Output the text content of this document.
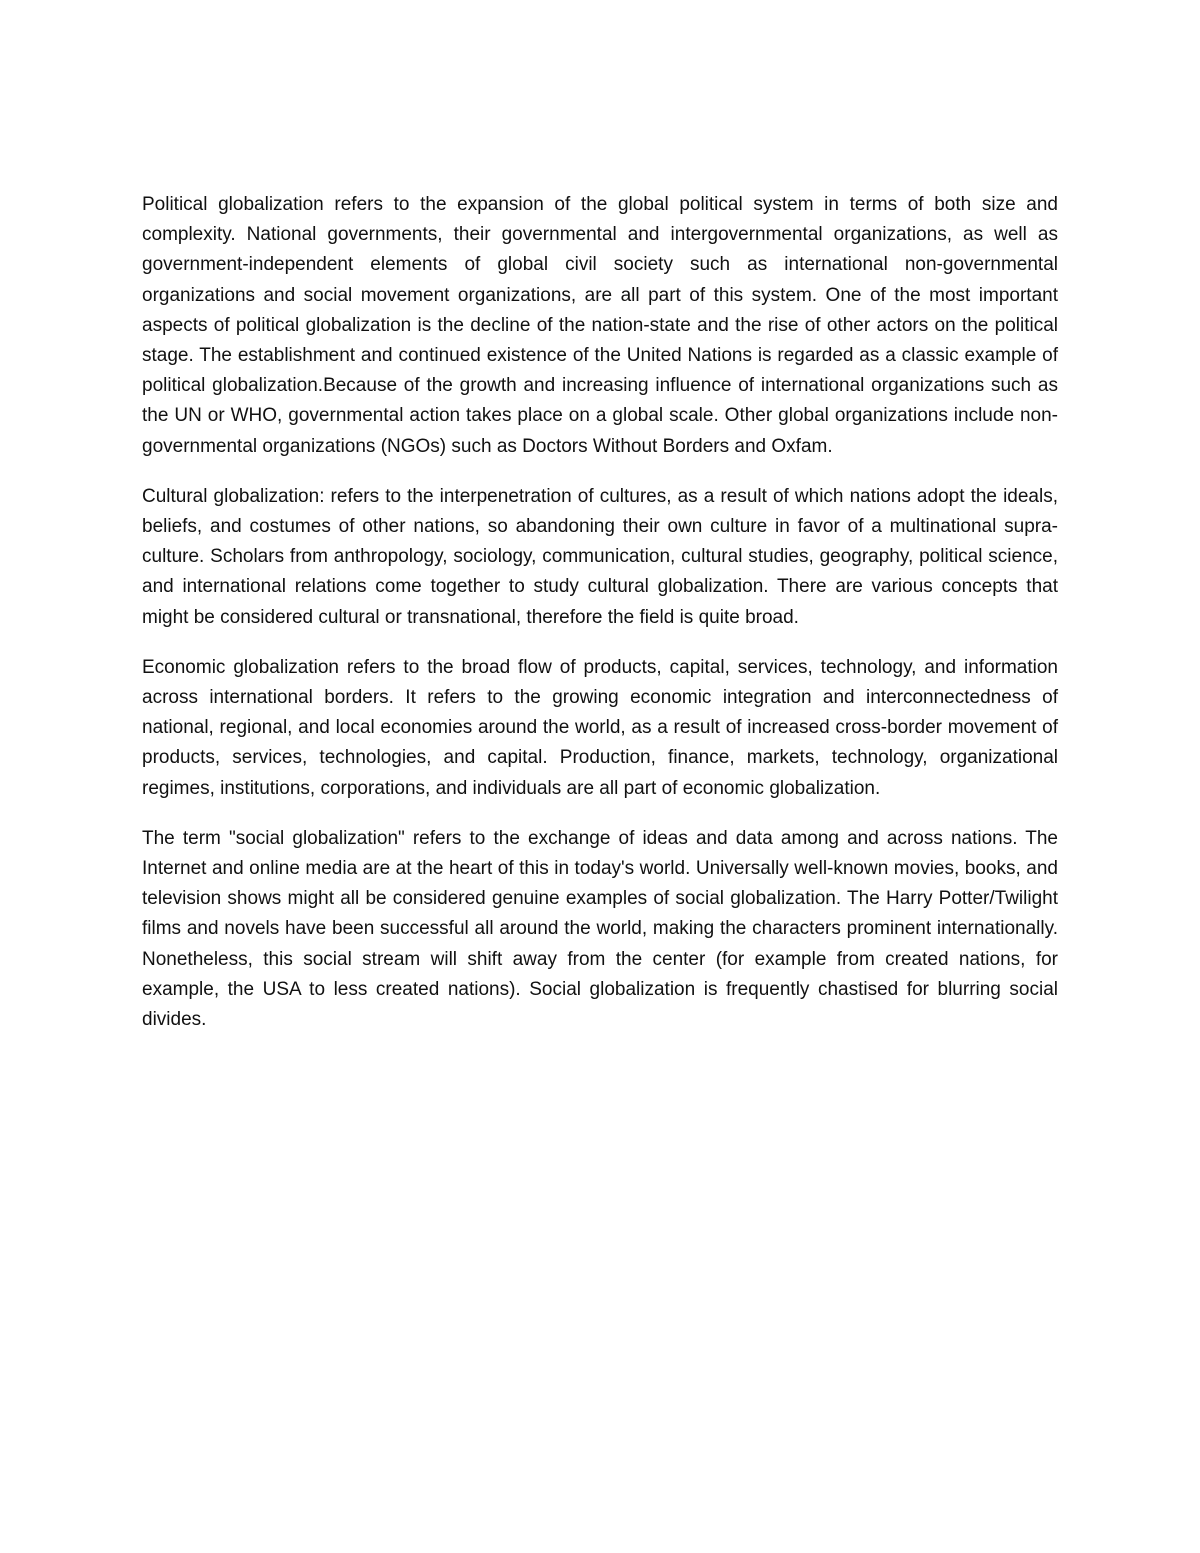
Political globalization refers to the expansion of the global political system in terms of both size and complexity. National governments, their governmental and intergovernmental organizations, as well as government-independent elements of global civil society such as international non-governmental organizations and social movement organizations, are all part of this system. One of the most important aspects of political globalization is the decline of the nation-state and the rise of other actors on the political stage. The establishment and continued existence of the United Nations is regarded as a classic example of political globalization.Because of the growth and increasing influence of international organizations such as the UN or WHO, governmental action takes place on a global scale. Other global organizations include non-governmental organizations (NGOs) such as Doctors Without Borders and Oxfam.

Cultural globalization: refers to the interpenetration of cultures, as a result of which nations adopt the ideals, beliefs, and costumes of other nations, so abandoning their own culture in favor of a multinational supra-culture. Scholars from anthropology, sociology, communication, cultural studies, geography, political science, and international relations come together to study cultural globalization. There are various concepts that might be considered cultural or transnational, therefore the field is quite broad.

Economic globalization refers to the broad flow of products, capital, services, technology, and information across international borders. It refers to the growing economic integration and interconnectedness of national, regional, and local economies around the world, as a result of increased cross-border movement of products, services, technologies, and capital. Production, finance, markets, technology, organizational regimes, institutions, corporations, and individuals are all part of economic globalization.

The term "social globalization" refers to the exchange of ideas and data among and across nations. The Internet and online media are at the heart of this in today's world. Universally well-known movies, books, and television shows might all be considered genuine examples of social globalization. The Harry Potter/Twilight films and novels have been successful all around the world, making the characters prominent internationally. Nonetheless, this social stream will shift away from the center (for example from created nations, for example, the USA to less created nations). Social globalization is frequently chastised for blurring social divides.
